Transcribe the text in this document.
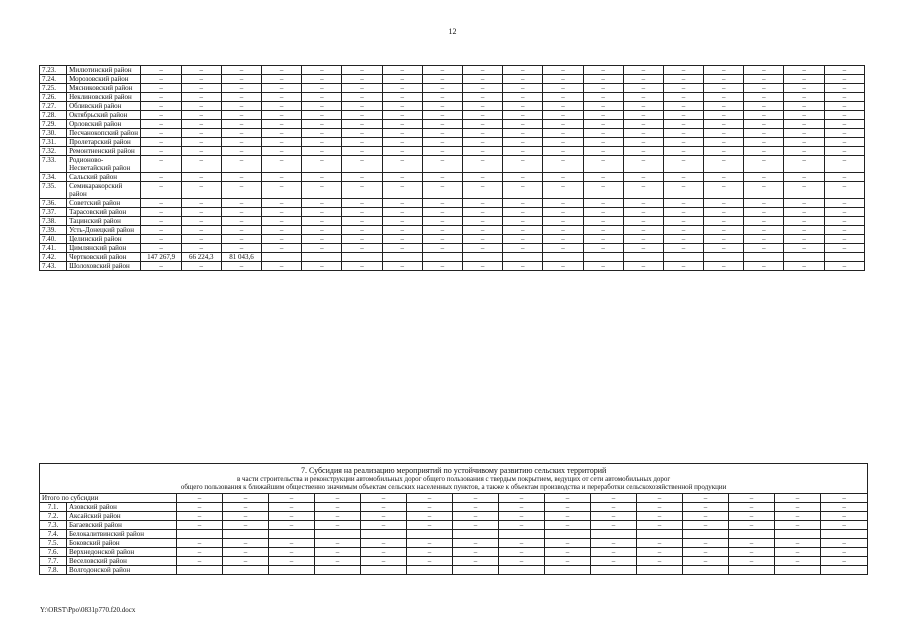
12
7.23.	Милютинский район	–	–	–	–	–	–	–	–	–	–	–	–	–	–	–	–	–	–
7.24.	Морозовский район	–	–	–	–	–	–	–	–	–	–	–	–	–	–	–	–	–	–
7.25.	Мясниковский район	–	–	–	–	–	–	–	–	–	–	–	–	–	–	–	–	–	–
7.26.	Неклиновский район	–	–	–	–	–	–	–	–	–	–	–	–	–	–	–	–	–	–
7.27.	Обливский район	–	–	–	–	–	–	–	–	–	–	–	–	–	–	–	–	–	–
7.28.	Октябрьский район	–	–	–	–	–	–	–	–	–	–	–	–	–	–	–	–	–	–
7.29.	Орловский район	–	–	–	–	–	–	–	–	–	–	–	–	–	–	–	–	–	–
7.30.	Песчанокопский район	–	–	–	–	–	–	–	–	–	–	–	–	–	–	–	–	–	–
7.31.	Пролетарский район	–	–	–	–	–	–	–	–	–	–	–	–	–	–	–	–	–	–
7.32.	Ремонтненский район	–	–	–	–	–	–	–	–	–	–	–	–	–	–	–	–	–	–
7.33.	Родионово-Несветайский район	–	–	–	–	–	–	–	–	–	–	–	–	–	–	–	–	–	–
7.34.	Сальский район	–	–	–	–	–	–	–	–	–	–	–	–	–	–	–	–	–	–
7.35.	Семикаракорский район	–	–	–	–	–	–	–	–	–	–	–	–	–	–	–	–	–	–
7.36.	Советский район	–	–	–	–	–	–	–	–	–	–	–	–	–	–	–	–	–	–
7.37.	Тарасовский район	–	–	–	–	–	–	–	–	–	–	–	–	–	–	–	–	–	–
7.38.	Тацинский район	–	–	–	–	–	–	–	–	–	–	–	–	–	–	–	–	–	–
7.39.	Усть-Донецкий район	–	–	–	–	–	–	–	–	–	–	–	–	–	–	–	–	–	–
7.40.	Целинский район	–	–	–	–	–	–	–	–	–	–	–	–	–	–	–	–	–	–
7.41.	Цимлянский район	–	–	–	–	–	–	–	–	–	–	–	–	–	–	–	–	–	–
7.42.	Чертковский район	147 267,9	66 224,3	81 043,6															
7.43.	Шолоховский район	–	–	–	–	–	–	–	–	–	–	–	–	–	–	–	–	–	–
7. Субсидия на реализацию мероприятий по устойчивому развитию сельских территорий
в части строительства и реконструкции автомобильных дорог общего пользования с твердым покрытием, ведущих от сети автомобильных дорог
общего пользования к ближайшим общественно значимым объектам сельских населенных пунктов, а также к объектам производства и переработки сельскохозяйственной продукции																

Итого по субсидии		–	–	–	–	–	–	–	–	–	–	–	–	–	–	–
7.1.	Азовский район	–	–	–	–	–	–	–	–	–	–	–	–	–	–	–
7.2.	Аксайский район	–	–	–	–	–	–	–	–	–	–	–	–	–	–	–
7.3.	Багаевский район	–	–	–	–	–	–	–	–	–	–	–	–	–	–	–
7.4.	Белокалитвинский район															
7.5.	Боковский район	–	–	–	–	–	–	–	–	–	–	–	–	–	–	–
7.6.	Верхнедонской район	–	–	–	–	–	–	–	–	–	–	–	–	–	–	–
7.7.	Веселовский район	–	–	–	–	–	–	–	–	–	–	–	–	–	–	–
7.8.	Волгодонской район															
Y:\ORST\Ppo\0831p770.f20.docx
